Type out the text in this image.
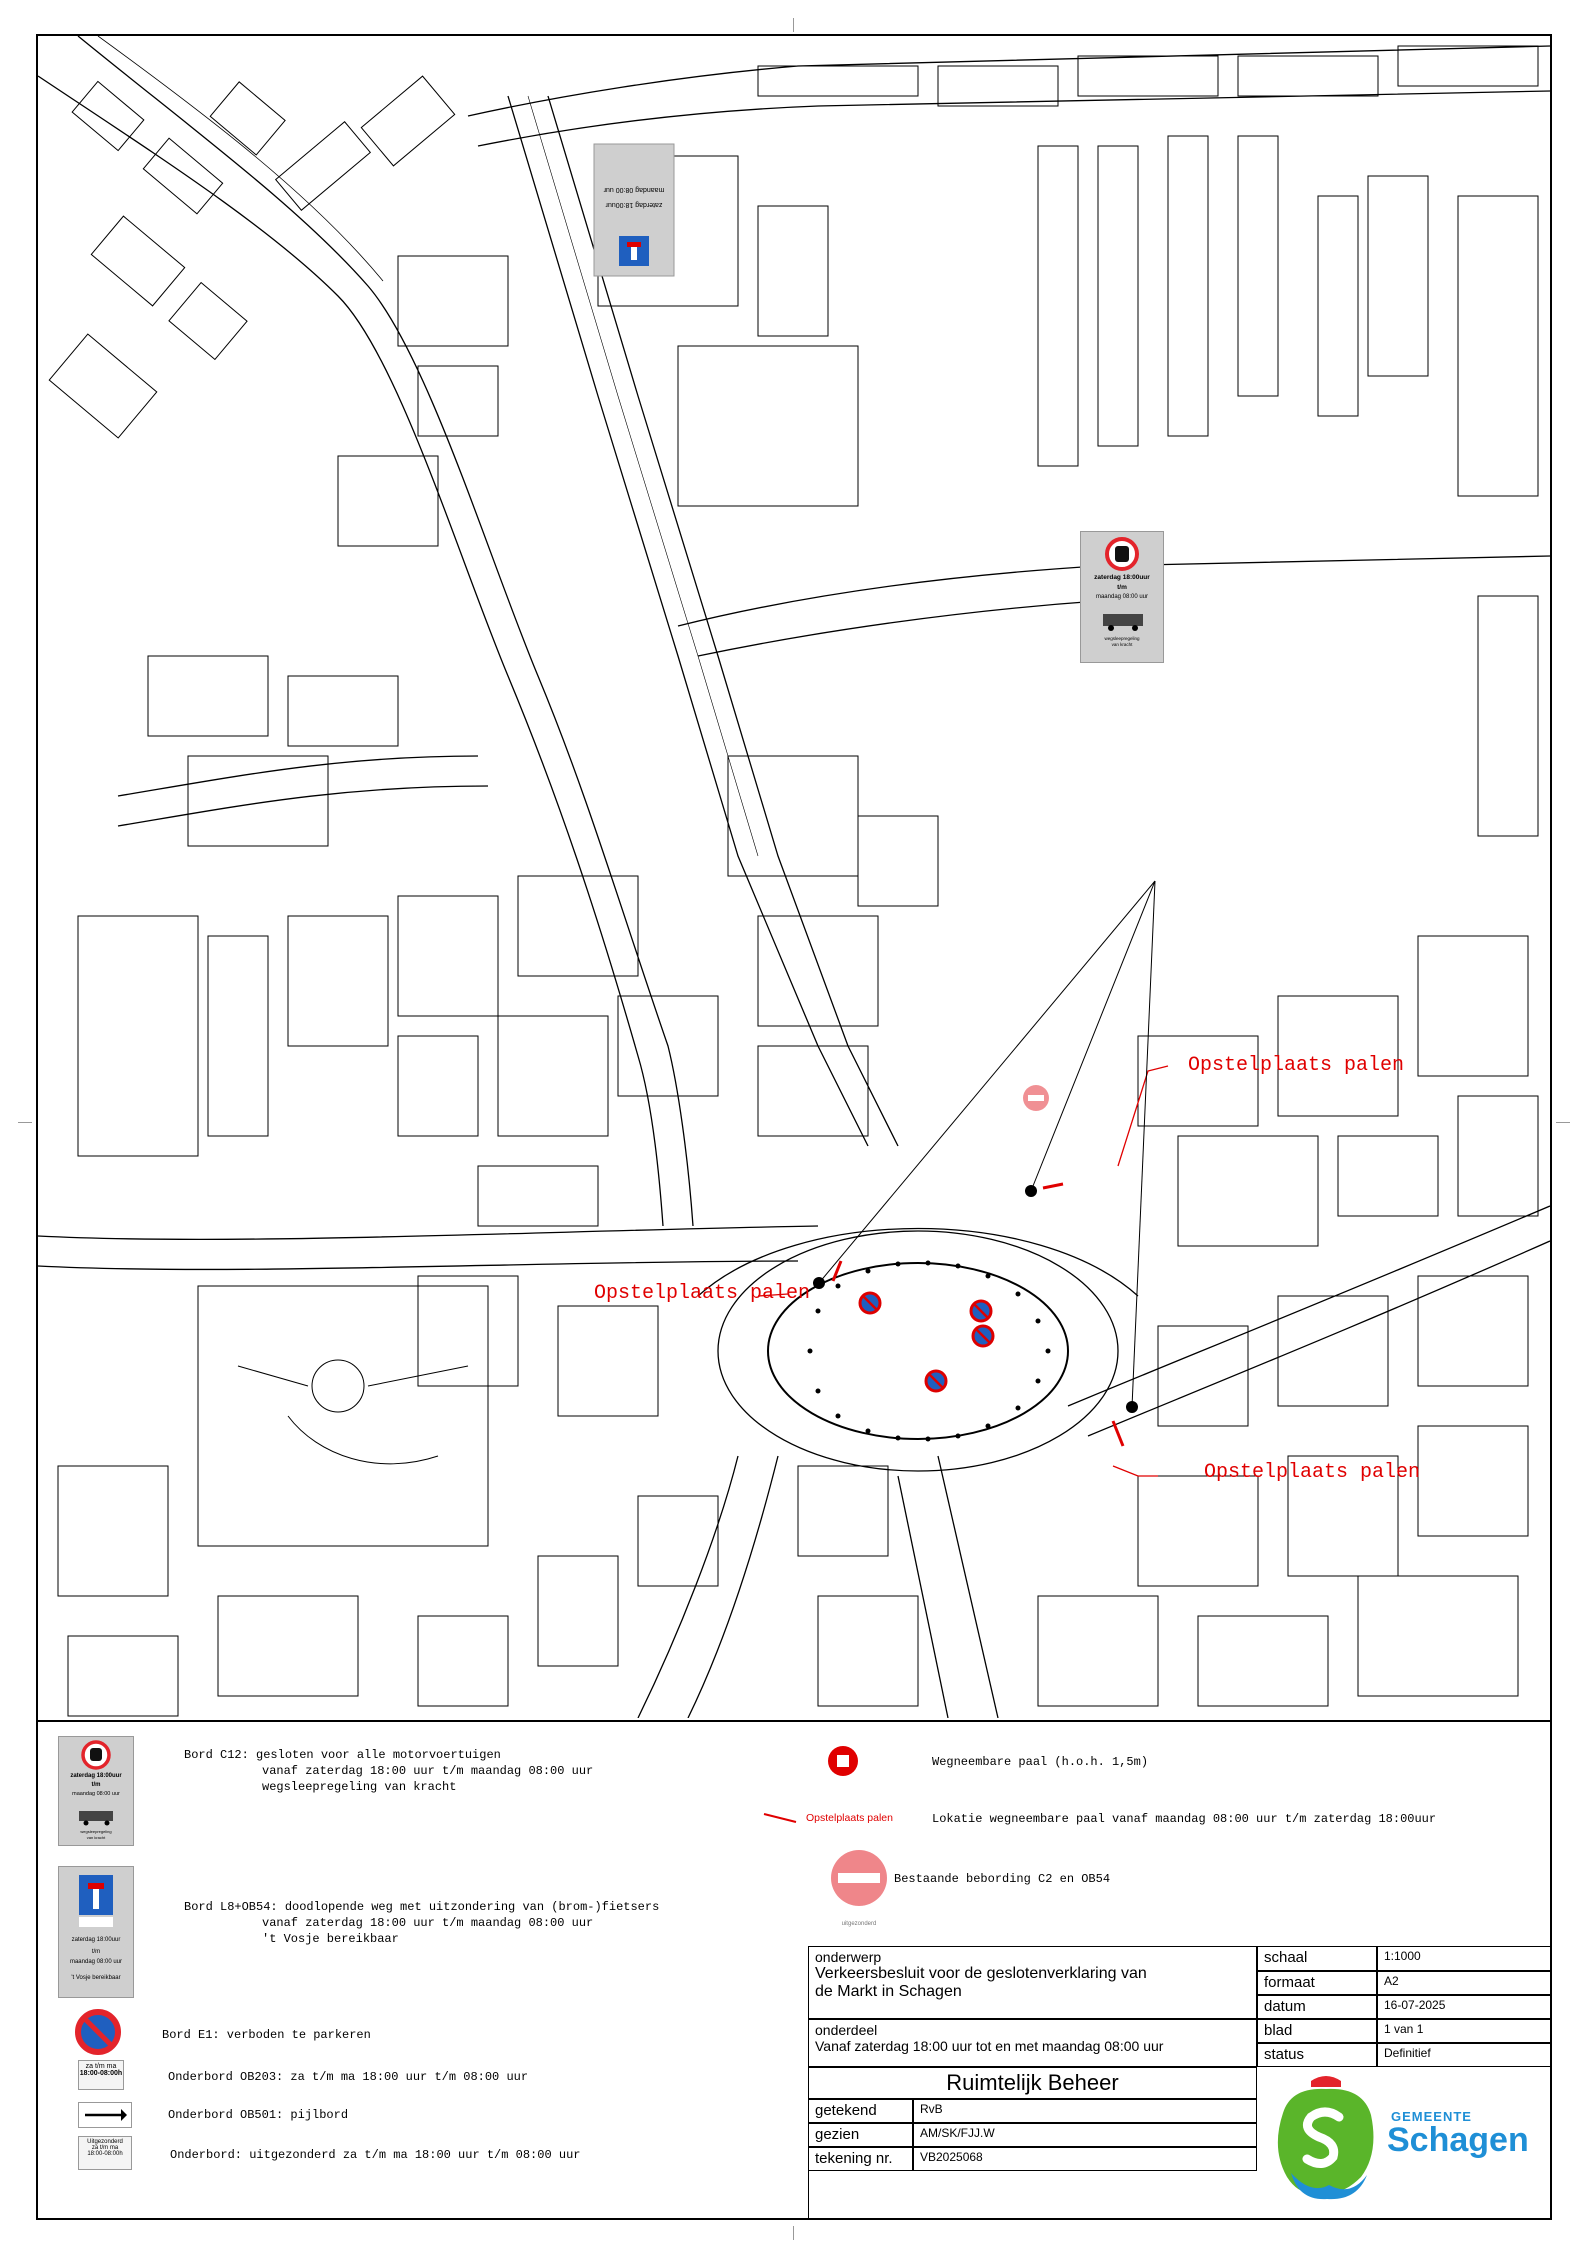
zaterdag 18:00uur
maandag 08:00 uur
zaterdag 18:00uur
t/m
maandag 08:00 uur
wegsleepregeling
van kracht
Opstelplaats palen
Opstelplaats palen
Opstelplaats palen
zaterdag 18:00uur
t/m
maandag 08:00 uur
wegsleepregeling
van kracht
Bord C12: gesloten voor alle motorvoertuigen
vanaf zaterdag 18:00 uur t/m maandag 08:00 uur
wegsleepregeling van kracht
zaterdag 18:00uur
t/m
maandag 08:00 uur
't Vosje bereikbaar
Bord L8+OB54: doodlopende weg met uitzondering van (brom-)fietsers
vanaf zaterdag 18:00 uur t/m maandag 08:00 uur
't Vosje bereikbaar
Bord E1: verboden te parkeren
za t/m ma
18:00-08:00h	Onderbord OB203: za t/m ma 18:00 uur t/m 08:00 uur
Onderbord OB501: pijlbord
Uitgezonderd
za t/m ma
18:00-08:00h	Onderbord: uitgezonderd za t/m ma 18:00 uur t/m 08:00 uur
Wegneembare paal (h.o.h. 1,5m)
Opstelplaats palen	Lokatie wegneembare paal vanaf maandag 08:00 uur t/m zaterdag 18:00uur
uitgezonderd
Bestaande bebording C2 en OB54
onderwerp
Verkeersbesluit voor de geslotenverklaring van
de Markt in Schagen
onderdeel
Vanaf zaterdag 18:00 uur tot en met maandag 08:00 uur
schaal	1:1000
formaat	A2
datum	16-07-2025
blad	1 van 1
status	Definitief
Ruimtelijk Beheer
getekend	RvB
gezien	AM/SK/FJJ.W
tekening nr.	VB2025068
GEMEENTE
Schagen
